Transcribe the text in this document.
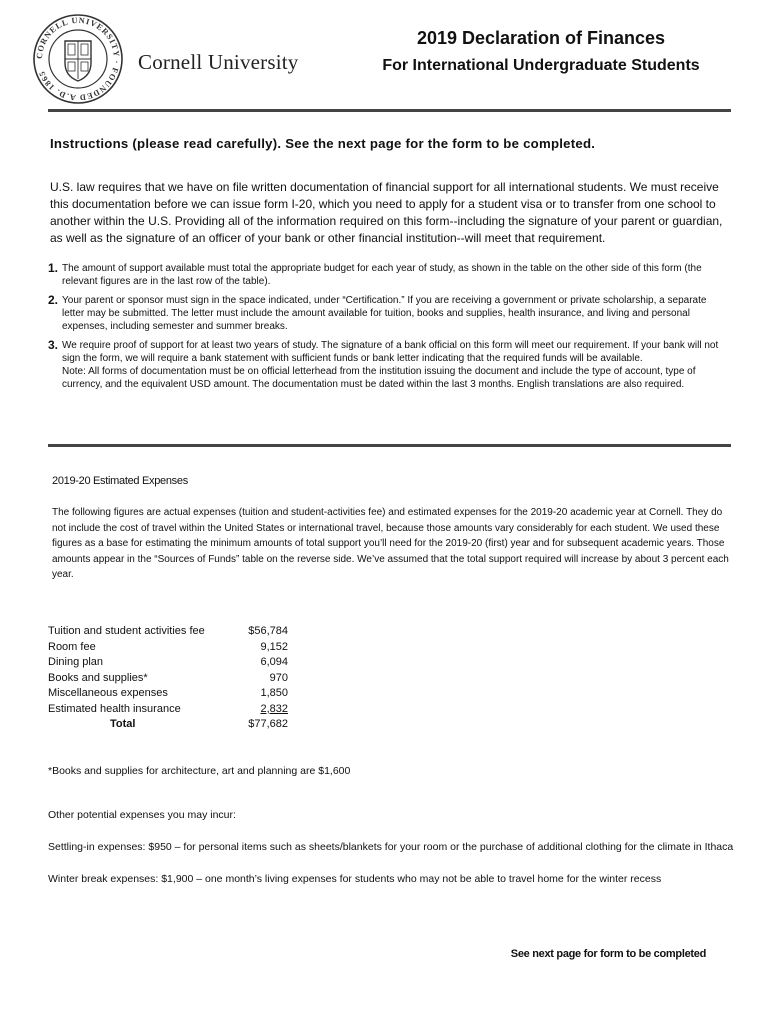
CORNELL UNIVERSITY · FOUNDED A.D. 1865	Cornell University
2019 Declaration of Finances
For International Undergraduate Students
Instructions (please read carefully). See the next page for the form to be completed.
U.S. law requires that we have on file written documentation of financial support for all international students. We must receive this documentation before we can issue form I-20, which you need to apply for a student visa or to transfer from one school to another within the U.S. Providing all of the information required on this form--including the signature of your parent or guardian, as well as the signature of an officer of your bank or other financial institution--will meet that requirement.
1. The amount of support available must total the appropriate budget for each year of study, as shown in the table on the other side of this form (the relevant figures are in the last row of the table).
2. Your parent or sponsor must sign in the space indicated, under “Certification.” If you are receiving a government or private scholarship, a separate letter may be submitted. The letter must include the amount available for tuition, books and supplies, health insurance, and living and personal expenses, including semester and summer breaks.
3. We require proof of support for at least two years of study. The signature of a bank official on this form will meet our requirement. If your bank will not sign the form, we will require a bank statement with sufficient funds or bank letter indicating that the required funds will be available.
Note: All forms of documentation must be on official letterhead from the institution issuing the document and include the type of account, type of currency, and the equivalent USD amount. The documentation must be dated within the last 3 months. English translations are also required.
2019-20 Estimated Expenses
The following figures are actual expenses (tuition and student-activities fee) and estimated expenses for the 2019-20 academic year at Cornell. They do not include the cost of travel within the United States or international travel, because those amounts vary considerably for each student. We used these figures as a base for estimating the minimum amounts of total support you’ll need for the 2019-20 (first) year and for subsequent academic years. Those amounts appear in the “Sources of Funds” table on the reverse side. We’ve assumed that the total support required will increase by about 3 percent each year.
Tuition and student activities fee	$56,784
Room fee	9,152
Dining plan	6,094
Books and supplies*	970
Miscellaneous expenses	1,850
Estimated health insurance	2,832
Total	$77,682
*Books and supplies for architecture, art and planning are $1,600
Other potential expenses you may incur:
Settling-in expenses: $950 – for personal items such as sheets/blankets for your room or the purchase of additional clothing for the climate in Ithaca
Winter break expenses: $1,900 – one month’s living expenses for students who may not be able to travel home for the winter recess
See next page for form to be completed
